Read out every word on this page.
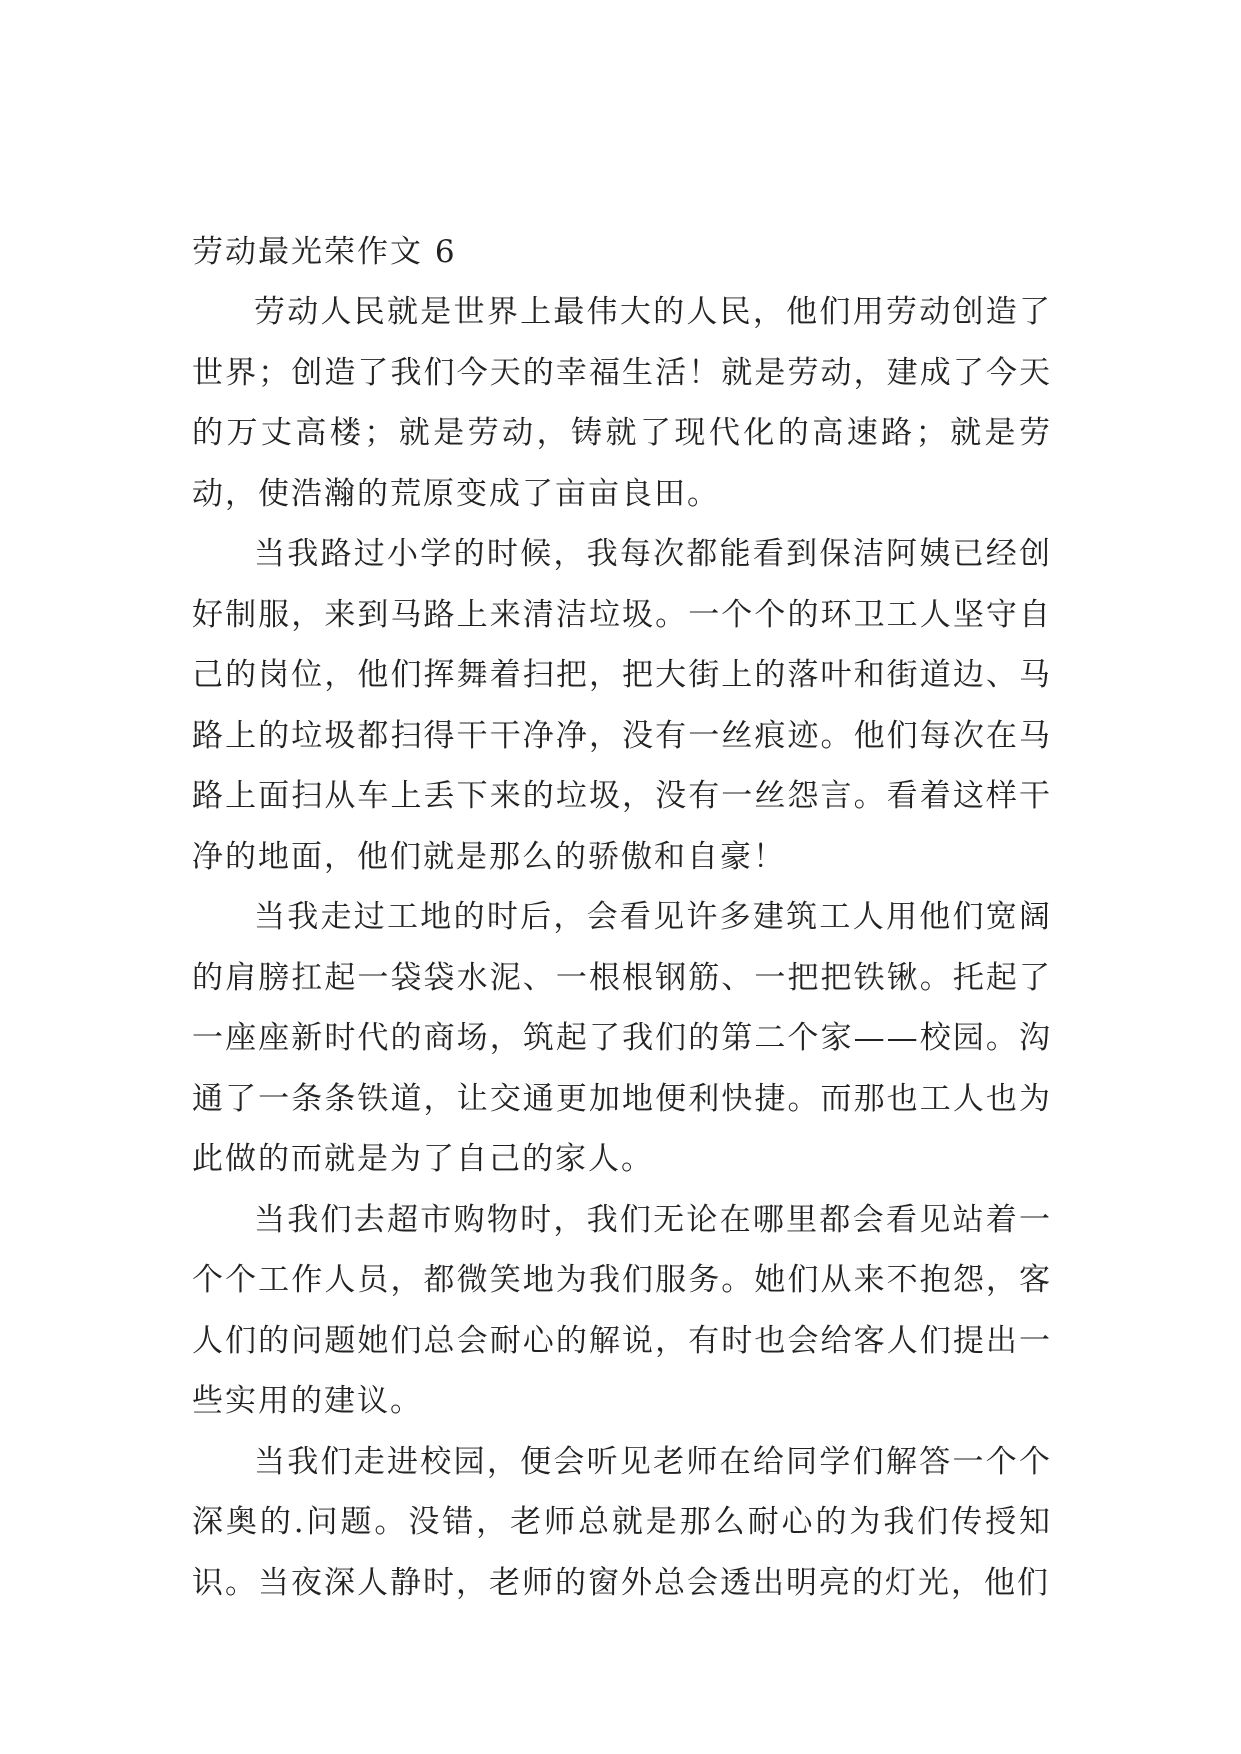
劳动最光荣作文 6

劳动人民就是世界上最伟大的人民，他们用劳动创造了世界；创造了我们今天的幸福生活！就是劳动，建成了今天的万丈高楼；就是劳动，铸就了现代化的高速路；就是劳动，使浩瀚的荒原变成了亩亩良田。

当我路过小学的时候，我每次都能看到保洁阿姨已经创好制服，来到马路上来清洁垃圾。一个个的环卫工人坚守自己的岗位，他们挥舞着扫把，把大街上的落叶和街道边、马路上的垃圾都扫得干干净净，没有一丝痕迹。他们每次在马路上面扫从车上丢下来的垃圾，没有一丝怨言。看着这样干净的地面，他们就是那么的骄傲和自豪！

当我走过工地的时后，会看见许多建筑工人用他们宽阔的肩膀扛起一袋袋水泥、一根根钢筋、一把把铁锹。托起了一座座新时代的商场，筑起了我们的第二个家——校园。沟通了一条条铁道，让交通更加地便利快捷。而那也工人也为此做的而就是为了自己的家人。

当我们去超市购物时，我们无论在哪里都会看见站着一个个工作人员，都微笑地为我们服务。她们从来不抱怨，客人们的问题她们总会耐心的解说，有时也会给客人们提出一些实用的建议。

当我们走进校园，便会听见老师在给同学们解答一个个深奥的.问题。没错，老师总就是那么耐心的为我们传授知识。当夜深人静时，老师的窗外总会透出明亮的灯光，他们
